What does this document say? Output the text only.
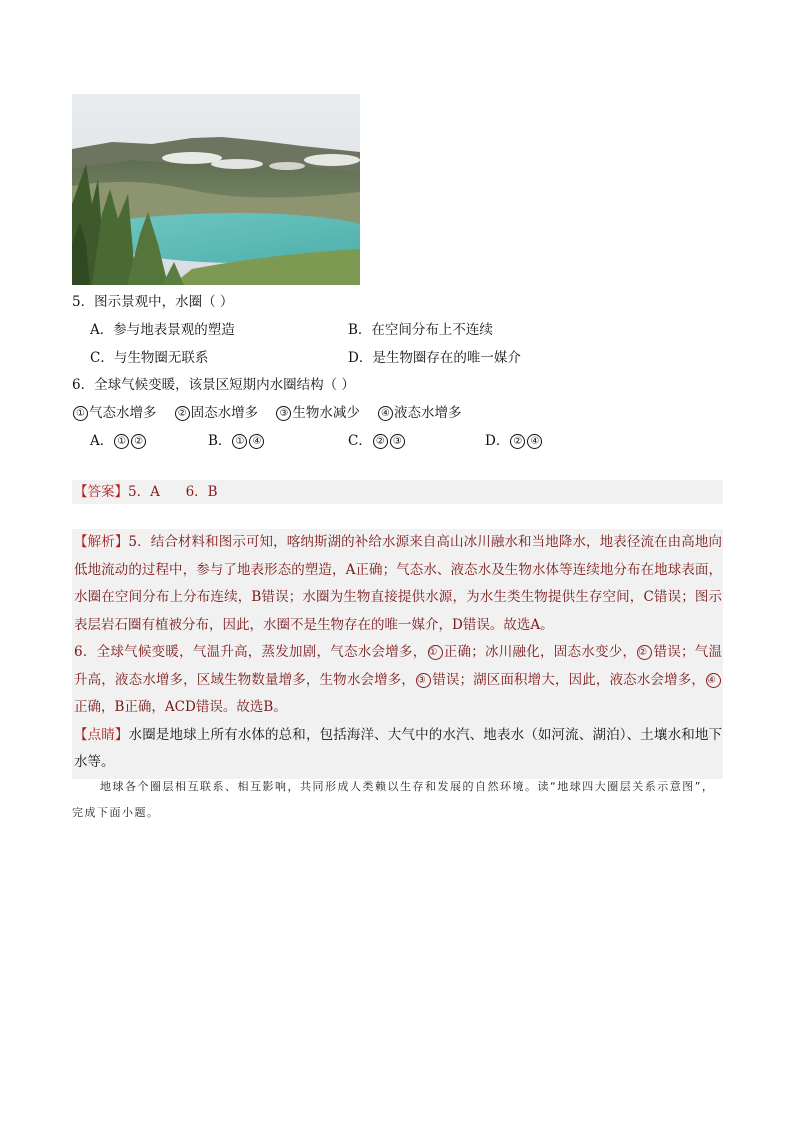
5．图示景观中，水圈（ ）
A．参与地表景观的塑造	B．在空间分布上不连续
C．与生物圈无联系	D．是生物圈存在的唯一媒介
6．全球气候变暖，该景区短期内水圈结构（ ）
① 气态水增多 ② 固态水增多 ③ 生物水减少 ④ 液态水增多
A． ① ②	B． ① ④	C． ② ③	D． ② ④
【答案】5．A      6．B

【解析】5．结合材料和图示可知，喀纳斯湖的补给水源来自高山冰川融水和当地降水，地表径流在由高地向低地流动的过程中，参与了地表形态的塑造，A正确；气态水、液态水及生物水体等连续地分布在地球表面，水圈在空间分布上分布连续，B错误；水圈为生物直接提供水源，为水生类生物提供生存空间，C错误；图示表层岩石圈有植被分布，因此，水圈不是生物存在的唯一媒介，D错误。故选A。

6．全球气候变暖，气温升高，蒸发加剧，气态水会增多， ① 正确；冰川融化，固态水变少， ② 错误；气温升高，液态水增多，区域生物数量增多，生物水会增多， ③ 错误；湖区面积增大，因此，液态水会增多， ④正确，B正确，ACD错误。故选B。

【点睛】水圈是地球上所有水体的总和，包括海洋、大气中的水汽、地表水（如河流、湖泊）、土壤水和地下水等。

地球各个圈层相互联系、相互影响，共同形成人类赖以生存和发展的自然环境。读“地球四大圈层关系示意图”，完成下面小题。
